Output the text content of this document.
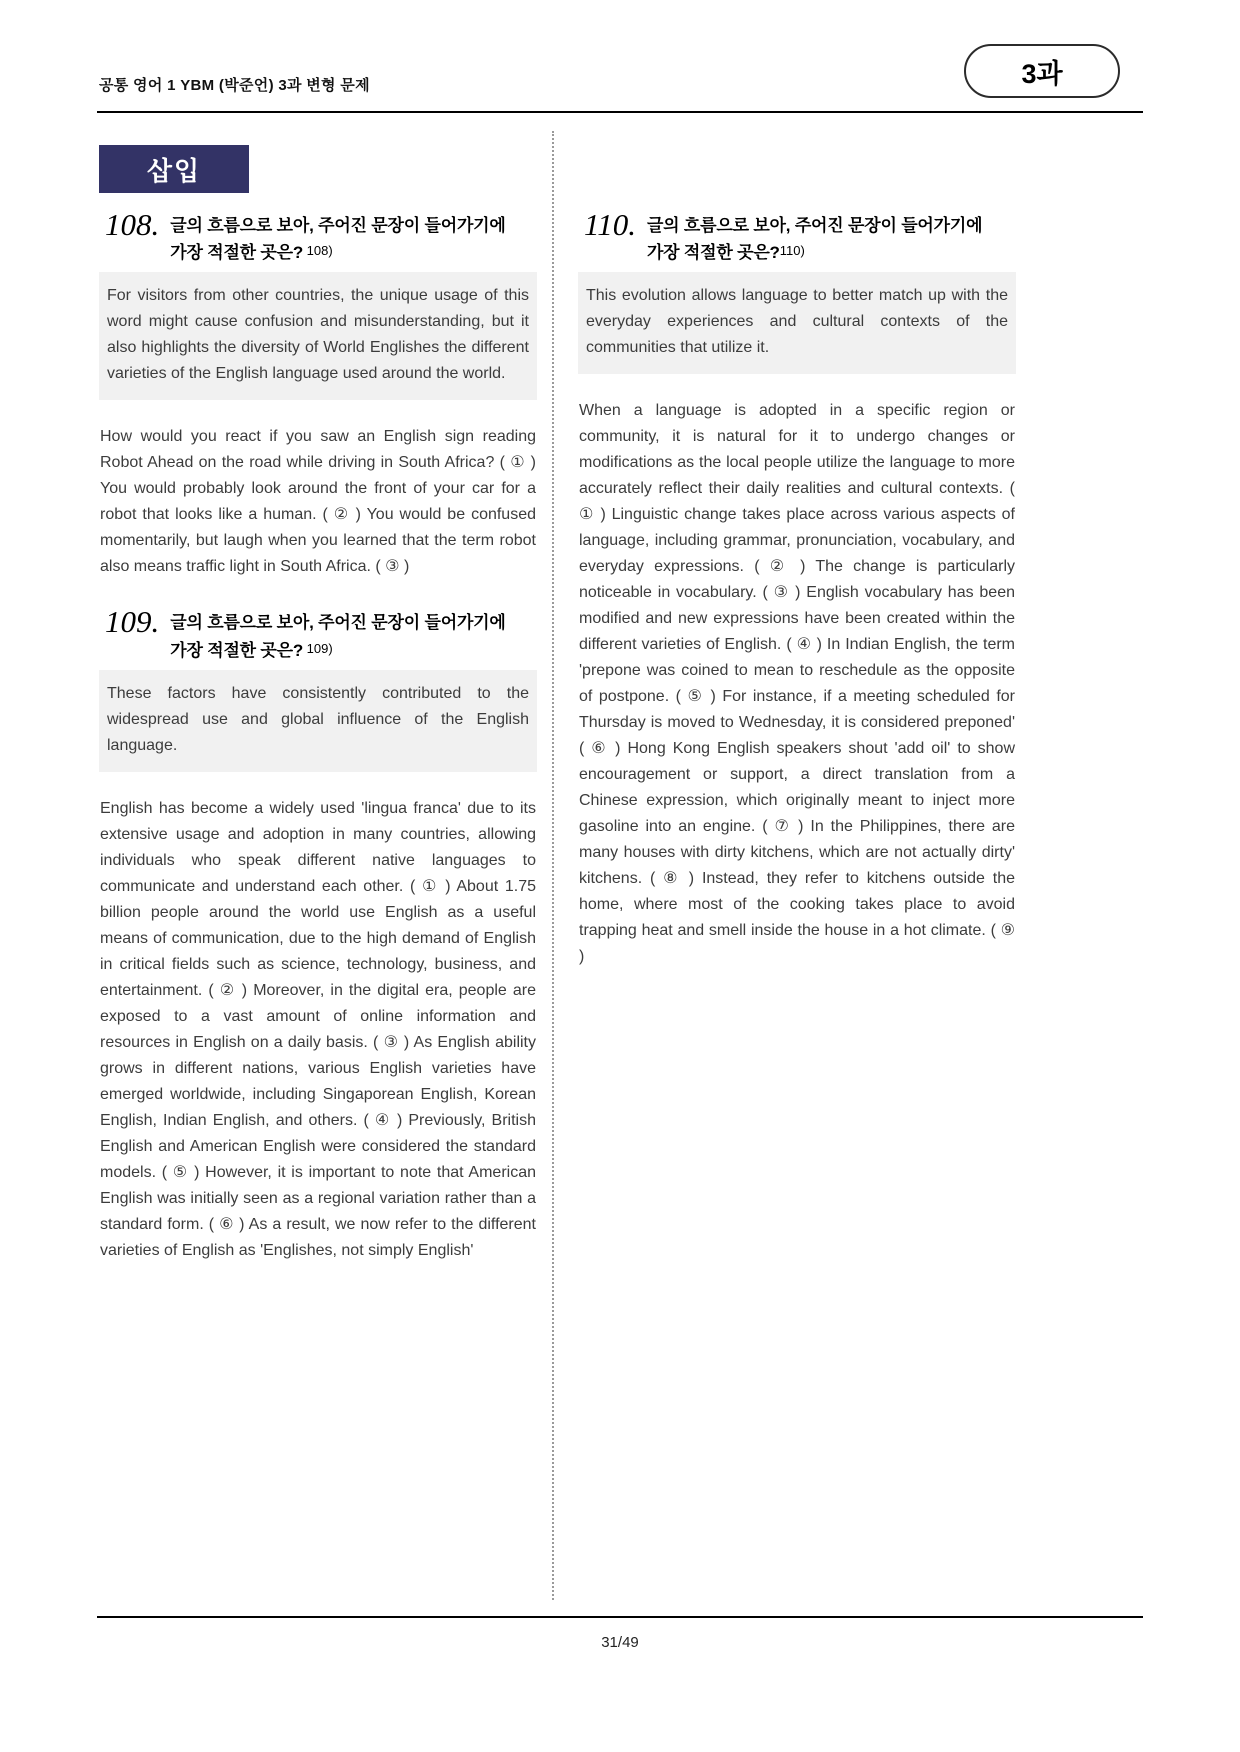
공통 영어 1 YBM (박준언) 3과 변형 문제	3과
삽입
108. 글의 흐름으로 보아, 주어진 문장이 들어가기에 가장 적절한 곳은? 108)
For visitors from other countries, the unique usage of this word might cause confusion and misunderstanding, but it also highlights the diversity of World Englishes the different varieties of the English language used around the world.

How would you react if you saw an English sign reading Robot Ahead on the road while driving in South Africa? ( ① ) You would probably look around the front of your car for a robot that looks like a human. ( ② ) You would be confused momentarily, but laugh when you learned that the term robot also means traffic light in South Africa. ( ③ )

109. 글의 흐름으로 보아, 주어진 문장이 들어가기에 가장 적절한 곳은? 109)
These factors have consistently contributed to the widespread use and global influence of the English language.

English has become a widely used 'lingua franca' due to its extensive usage and adoption in many countries, allowing individuals who speak different native languages to communicate and understand each other. ( ① ) About 1.75 billion people around the world use English as a useful means of communication, due to the high demand of English in critical fields such as science, technology, business, and entertainment. ( ② ) Moreover, in the digital era, people are exposed to a vast amount of online information and resources in English on a daily basis. ( ③ ) As English ability grows in different nations, various English varieties have emerged worldwide, including Singaporean English, Korean English, Indian English, and others. ( ④ ) Previously, British English and American English were considered the standard models. ( ⑤ ) However, it is important to note that American English was initially seen as a regional variation rather than a standard form. ( ⑥ ) As a result, we now refer to the different varieties of English as 'Englishes, not simply English'

110. 글의 흐름으로 보아, 주어진 문장이 들어가기에 가장 적절한 곳은?110)
This evolution allows language to better match up with the everyday experiences and cultural contexts of the communities that utilize it.

When a language is adopted in a specific region or community, it is natural for it to undergo changes or modifications as the local people utilize the language to more accurately reflect their daily realities and cultural contexts. ( ① ) Linguistic change takes place across various aspects of language, including grammar, pronunciation, vocabulary, and everyday expressions. ( ② ) The change is particularly noticeable in vocabulary. ( ③ ) English vocabulary has been modified and new expressions have been created within the different varieties of English. ( ④ ) In Indian English, the term 'prepone was coined to mean to reschedule as the opposite of postpone. ( ⑤ ) For instance, if a meeting scheduled for Thursday is moved to Wednesday, it is considered preponed' ( ⑥ ) Hong Kong English speakers shout 'add oil' to show encouragement or support, a direct translation from a Chinese expression, which originally meant to inject more gasoline into an engine. ( ⑦ ) In the Philippines, there are many houses with dirty kitchens, which are not actually dirty' kitchens. ( ⑧ ) Instead, they refer to kitchens outside the home, where most of the cooking takes place to avoid trapping heat and smell inside the house in a hot climate. ( ⑨ )

31/49
